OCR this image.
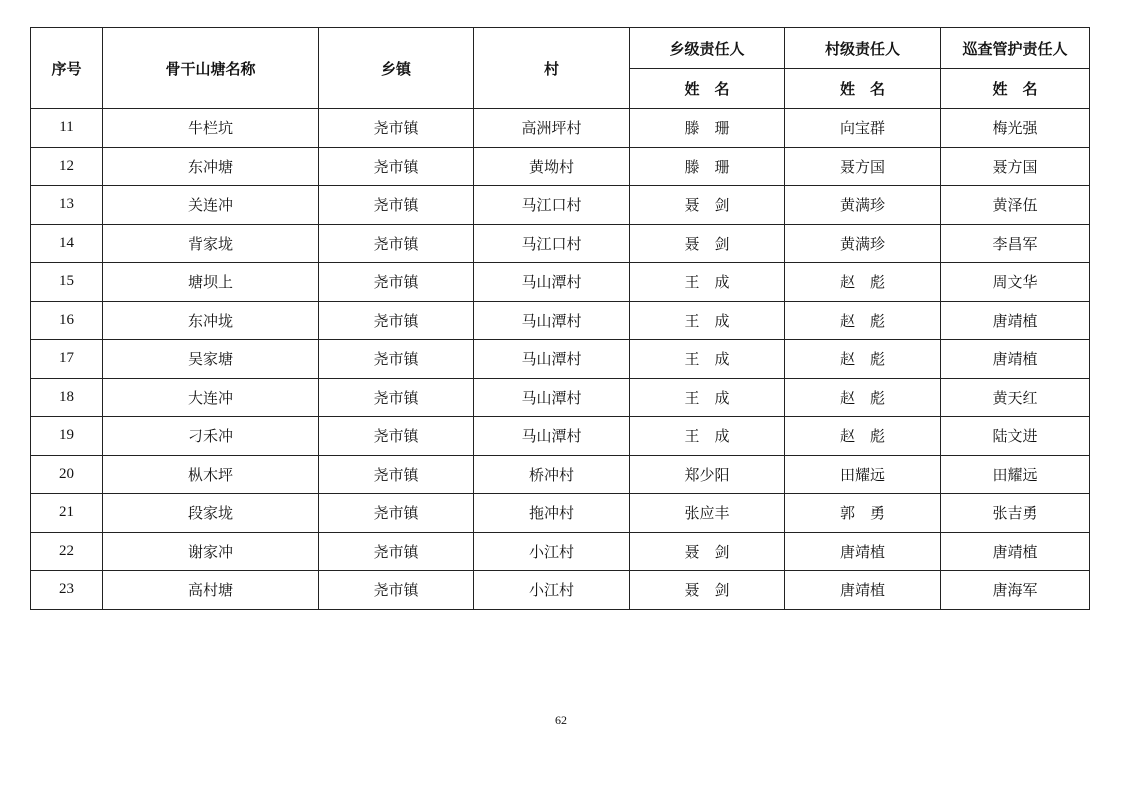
序号	骨干山塘名称	乡镇	村	乡级责任人	村级责任人	巡查管护责任人
				姓　名	姓　名	姓　名
11	牛栏坑	尧市镇	高洲坪村	滕　珊	向宝群	梅光强
12	东冲塘	尧市镇	黄坳村	滕　珊	聂方国	聂方国
13	关连冲	尧市镇	马江口村	聂　剑	黄满珍	黄泽伍
14	背家垅	尧市镇	马江口村	聂　剑	黄满珍	李昌军
15	塘坝上	尧市镇	马山潭村	王　成	赵　彪	周文华
16	东冲垅	尧市镇	马山潭村	王　成	赵　彪	唐靖植
17	吴家塘	尧市镇	马山潭村	王　成	赵　彪	唐靖植
18	大连冲	尧市镇	马山潭村	王　成	赵　彪	黄天红
19	刁禾冲	尧市镇	马山潭村	王　成	赵　彪	陆文进
20	枞木坪	尧市镇	桥冲村	郑少阳	田耀远	田耀远
21	段家垅	尧市镇	拖冲村	张应丰	郭　勇	张吉勇
22	谢家冲	尧市镇	小江村	聂　剑	唐靖植	唐靖植
23	高村塘	尧市镇	小江村	聂　剑	唐靖植	唐海军
62
